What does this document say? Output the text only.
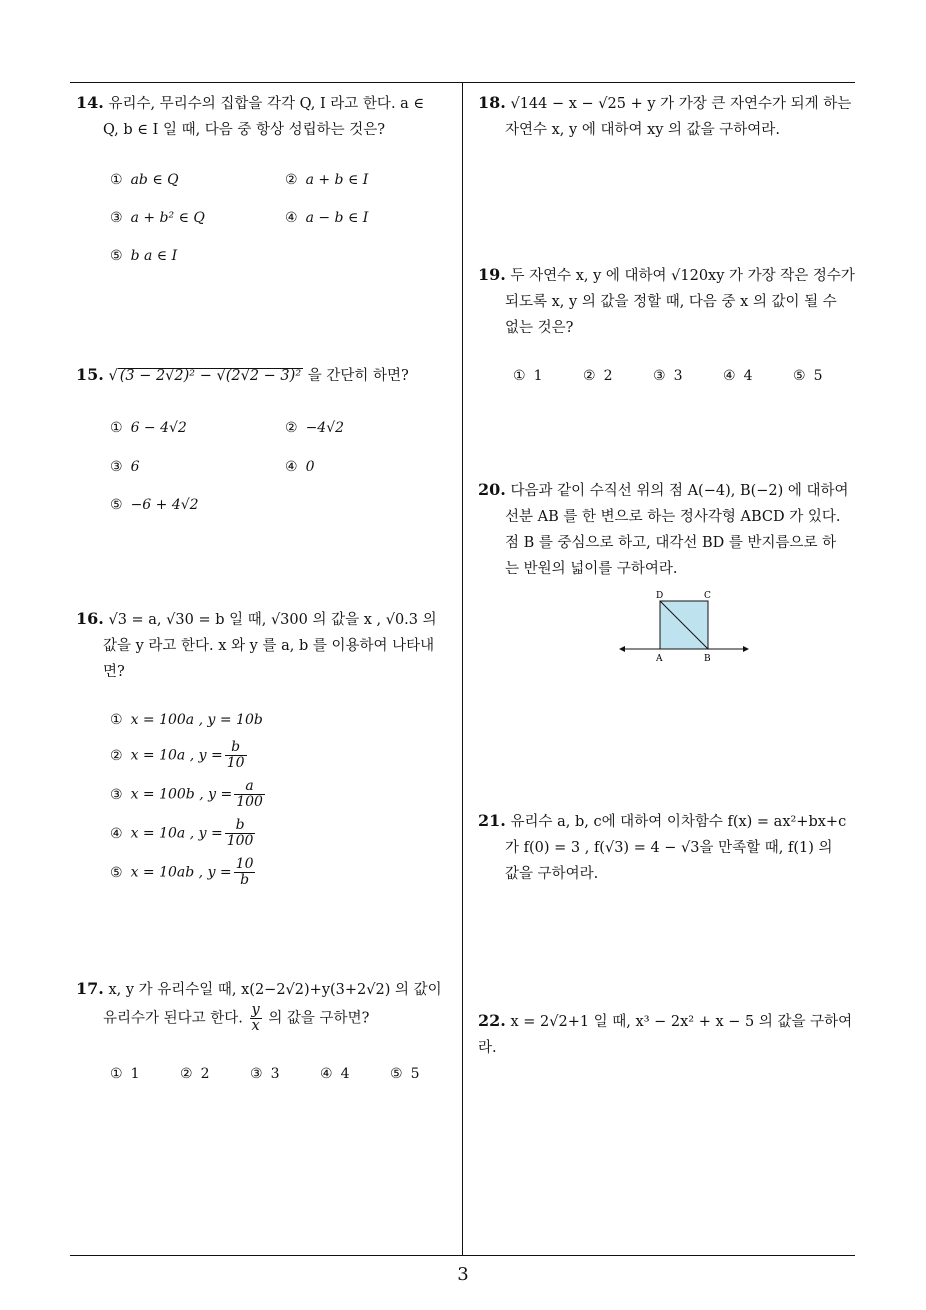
14. 유리수, 무리수의 집합을 각각 Q, I 라고 한다. a ∈
Q, b ∈ I 일 때, 다음 중 항상 성립하는 것은?
① ab ∈ Q	② a + b ∈ I
③ a + b² ∈ Q	④ a − b ∈ I
⑤ b a ∈ I
15. √ (3 − 2√2)² − √(2√2 − 3)² 을 간단히 하면?
① 6 − 4√2	② −4√2
③ 6	④ 0
⑤ −6 + 4√2
16. √3 = a, √30 = b 일 때, √300 의 값을 x , √0.3 의
값을 y 라고 한다. x 와 y 를 a, b 를 이용하여 나타내
면?
① x = 100a , y = 10b
② x = 10a , $y = \frac{b}{10}$
③ x = 100b , $y = \frac{a}{100}$
④ x = 10a , $y = \frac{b}{100}$
⑤ x = 10ab , $y = \frac{10}{b}$
17. x, y 가 유리수일 때, x(2−2√2)+y(3+2√2) 의 값이
유리수가 된다고 한다. $\frac{y}{x}$ 의 값을 구하면?
① 1	② 2	③ 3	④ 4	⑤ 5
18. √144 − x − √25 + y 가 가장 큰 자연수가 되게 하는
자연수 x, y 에 대하여 xy 의 값을 구하여라.
19. 두 자연수 x, y 에 대하여 √120xy 가 가장 작은 정수가
되도록 x, y 의 값을 정할 때, 다음 중 x 의 값이 될 수
없는 것은?
① 1	② 2	③ 3	④ 4	⑤ 5
20. 다음과 같이 수직선 위의 점 A(−4), B(−2) 에 대하여
선분 AB 를 한 변으로 하는 정사각형 ABCD 가 있다.
점 B 를 중심으로 하고, 대각선 BD 를 반지름으로 하
는 반원의 넓이를 구하여라.
D	C
A	B
21. 유리수 a, b, c에 대하여 이차함수 f(x) = ax²+bx+c
가 f(0) = 3 , f(√3) = 4 − √3을 만족할 때, f(1) 의
값을 구하여라.
22. x = 2√2+1 일 때, x³ − 2x² + x − 5 의 값을 구하여라.
3
